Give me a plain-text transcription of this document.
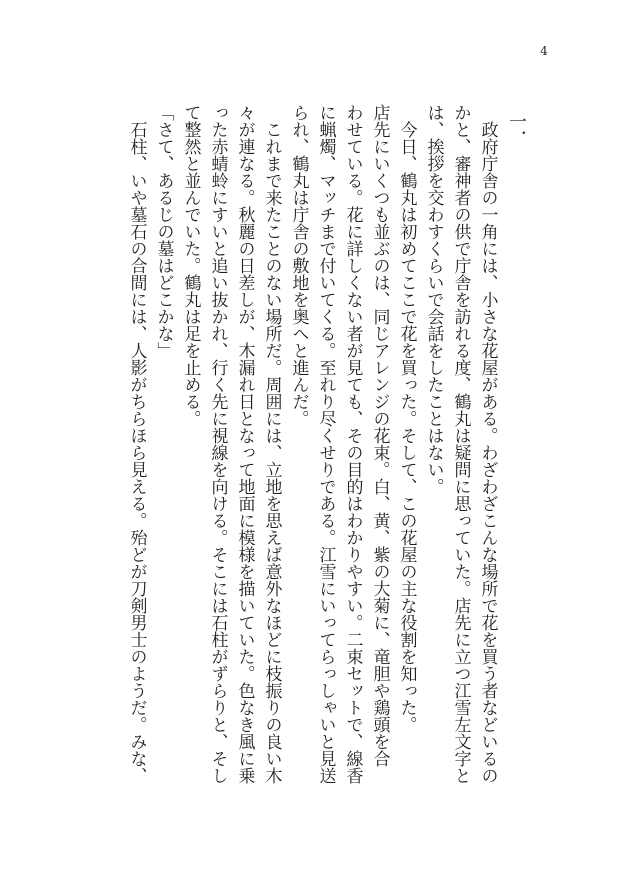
4
一．
　政府庁舎の一角には、小さな花屋がある。わざわざこんな場所で花を買う者などいるの
かと、審神者の供で庁舎を訪れる度、鶴丸は疑問に思っていた。店先に立つ江雪左文字と
は、挨拶を交わすくらいで会話をしたことはない。
　今日、鶴丸は初めてここで花を買った。そして、この花屋の主な役割を知った。
店先にいくつも並ぶのは、同じアレンジの花束。白、黄、紫の大菊に、竜胆や鶏頭を合
わせている。花に詳しくない者が見ても、その目的はわかりやすい。二束セットで、線香
に蝋燭、マッチまで付いてくる。至れり尽くせりである。江雪にいってらっしゃいと見送
られ、鶴丸は庁舎の敷地を奥へと進んだ。
　これまで来たことのない場所だ。周囲には、立地を思えば意外なほどに枝振りの良い木
々が連なる。秋麗の日差しが、木漏れ日となって地面に模様を描いていた。色なき風に乗
った赤蜻蛉にすいと追い抜かれ、行く先に視線を向ける。そこには石柱がずらりと、そし
て整然と並んでいた。鶴丸は足を止める。
「さて、あるじの墓はどこかな」
　石柱、いや墓石の合間には、人影がちらほら見える。殆どが刀剣男士のようだ。みな、
